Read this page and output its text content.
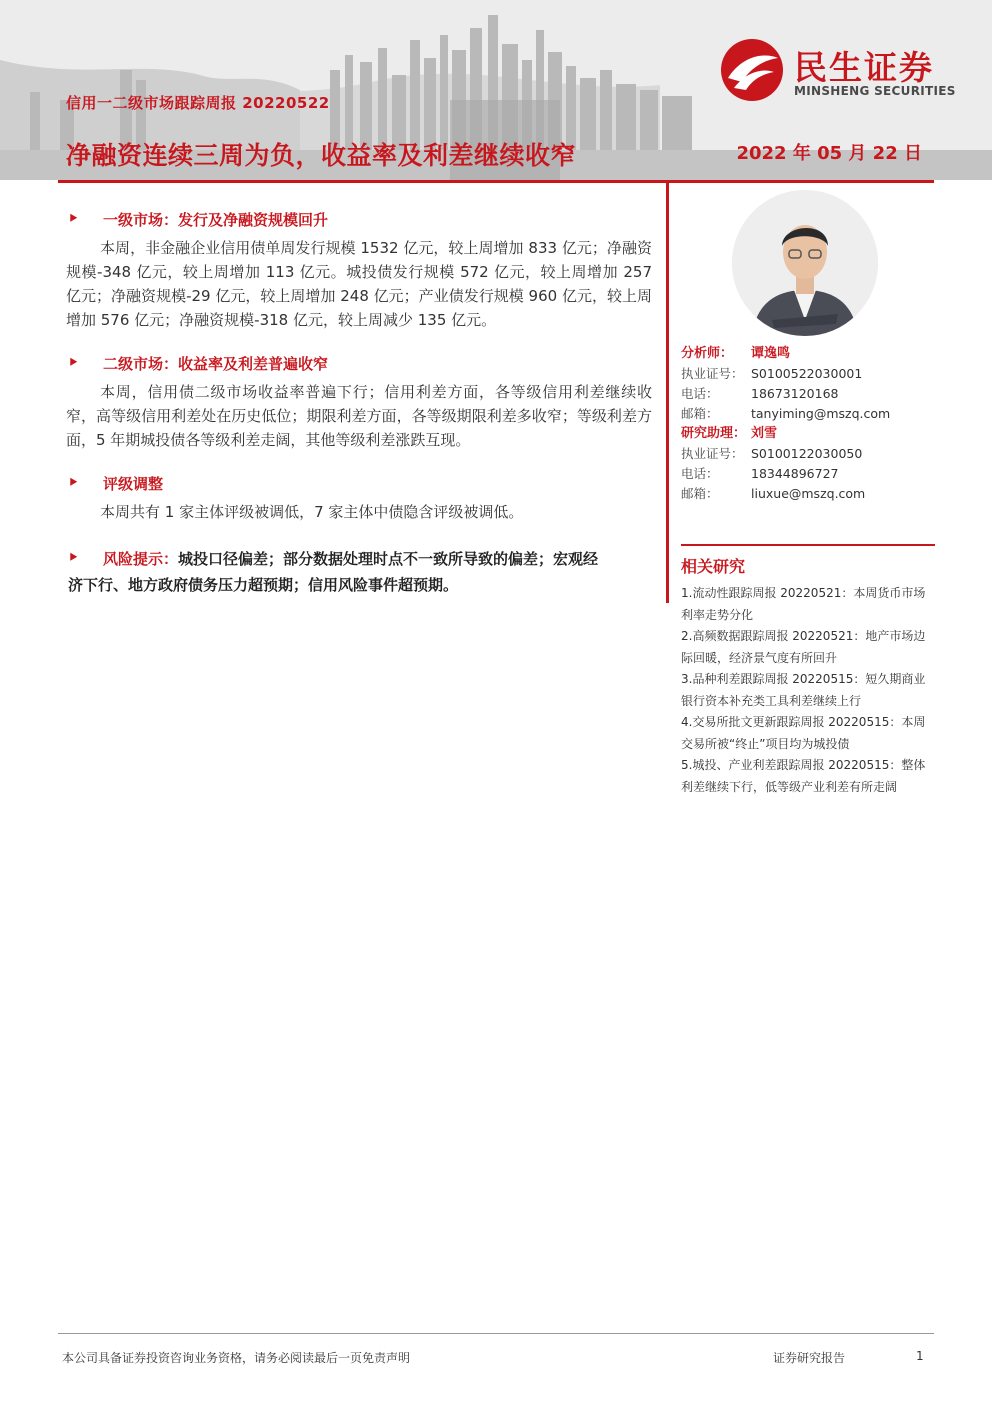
信用一二级市场跟踪周报 20220522
净融资连续三周为负，收益率及利差继续收窄	2022 年 05 月 22 日
民生证券
MINSHENG SECURITIES
⯈ 一级市场：发行及净融资规模回升

本周，非金融企业信用债单周发行规模 1532 亿元，较上周增加 833 亿元；净融资规模-348 亿元，较上周增加 113 亿元。城投债发行规模 572 亿元，较上周增加 257 亿元；净融资规模-29 亿元，较上周增加 248 亿元；产业债发行规模 960 亿元，较上周增加 576 亿元；净融资规模-318 亿元，较上周减少 135 亿元。

⯈ 二级市场：收益率及利差普遍收窄

本周，信用债二级市场收益率普遍下行；信用利差方面，各等级信用利差继续收窄，高等级信用利差处在历史低位；期限利差方面，各等级期限利差多收窄；等级利差方面，5 年期城投债各等级利差走阔，其他等级利差涨跌互现。

⯈ 评级调整

本周共有 1 家主体评级被调低，7 家主体中债隐含评级被调低。

⯈ 风险提示：城投口径偏差；部分数据处理时点不一致所导致的偏差；宏观经
济下行、地方政府债务压力超预期；信用风险事件超预期。
分析师：	谭逸鸣
执业证号： S0100522030001
电话：	18673120168
邮箱：	tanyiming@mszq.com
研究助理： 刘雪
执业证号： S0100122030050
电话：	18344896727
邮箱：	liuxue@mszq.com
相关研究
1.流动性跟踪周报 20220521：本周货币市场利率走势分化
2.高频数据跟踪周报 20220521：地产市场边际回暖，经济景气度有所回升
3.品种利差跟踪周报 20220515：短久期商业银行资本补充类工具利差继续上行
4.交易所批文更新跟踪周报 20220515：本周交易所被“终止”项目均为城投债
5.城投、产业利差跟踪周报 20220515：整体利差继续下行，低等级产业利差有所走阔
本公司具备证券投资咨询业务资格，请务必阅读最后一页免责声明	证券研究报告	1
